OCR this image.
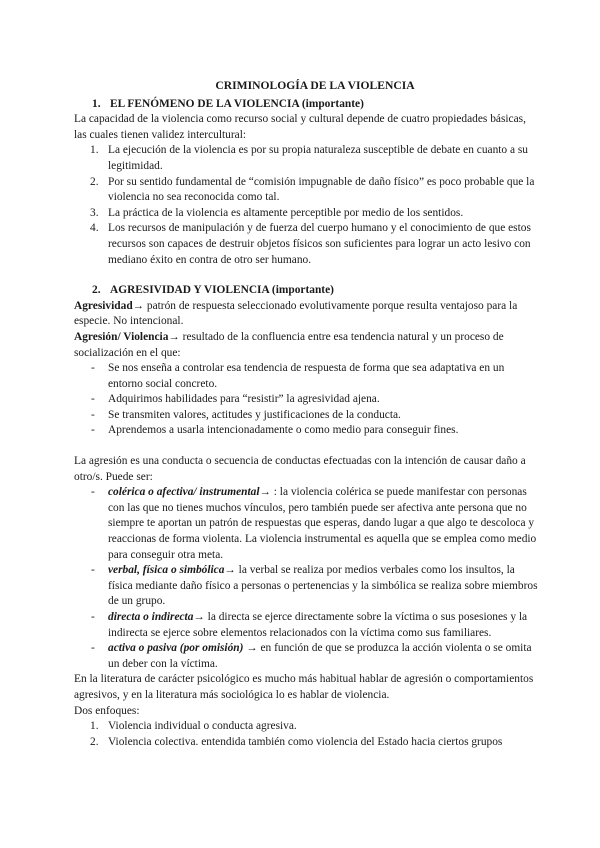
CRIMINOLOGÍA DE LA VIOLENCIA

1. EL FENÓMENO DE LA VIOLENCIA (importante)

La capacidad de la violencia como recurso social y cultural depende de cuatro propiedades básicas, las cuales tienen validez intercultural:

1. La ejecución de la violencia es por su propia naturaleza susceptible de debate en cuanto a su legitimidad.
2. Por su sentido fundamental de “comisión impugnable de daño físico” es poco probable que la violencia no sea reconocida como tal.
3. La práctica de la violencia es altamente perceptible por medio de los sentidos.
4. Los recursos de manipulación y de fuerza del cuerpo humano y el conocimiento de que estos recursos son capaces de destruir objetos físicos son suficientes para lograr un acto lesivo con mediano éxito en contra de otro ser humano.

2. AGRESIVIDAD Y VIOLENCIA (importante)

Agresividad→ patrón de respuesta seleccionado evolutivamente porque resulta ventajoso para la especie. No intencional.

Agresión/ Violencia→ resultado de la confluencia entre esa tendencia natural y un proceso de socialización en el que:

- Se nos enseña a controlar esa tendencia de respuesta de forma que sea adaptativa en un entorno social concreto.
- Adquirimos habilidades para “resistir” la agresividad ajena.
- Se transmiten valores, actitudes y justificaciones de la conducta.
- Aprendemos a usarla intencionadamente o como medio para conseguir fines.

La agresión es una conducta o secuencia de conductas efectuadas con la intención de causar daño a otro/s. Puede ser:

- colérica o afectiva/ instrumental→ : la violencia colérica se puede manifestar con personas con las que no tienes muchos vínculos, pero también puede ser afectiva ante persona que no siempre te aportan un patrón de respuestas que esperas, dando lugar a que algo te descoloca y reaccionas de forma violenta. La violencia instrumental es aquella que se emplea como medio para conseguir otra meta.
- verbal, física o simbólica→ la verbal se realiza por medios verbales como los insultos, la física mediante daño físico a personas o pertenencias y la simbólica se realiza sobre miembros de un grupo.
- directa o indirecta→ la directa se ejerce directamente sobre la víctima o sus posesiones y la indirecta se ejerce sobre elementos relacionados con la víctima como sus familiares.
- activa o pasiva (por omisión) → en función de que se produzca la acción violenta o se omita un deber con la víctima.

En la literatura de carácter psicológico es mucho más habitual hablar de agresión o comportamientos agresivos, y en la literatura más sociológica lo es hablar de violencia.

Dos enfoques:

1. Violencia individual o conducta agresiva.
2. Violencia colectiva. entendida también como violencia del Estado hacia ciertos grupos
